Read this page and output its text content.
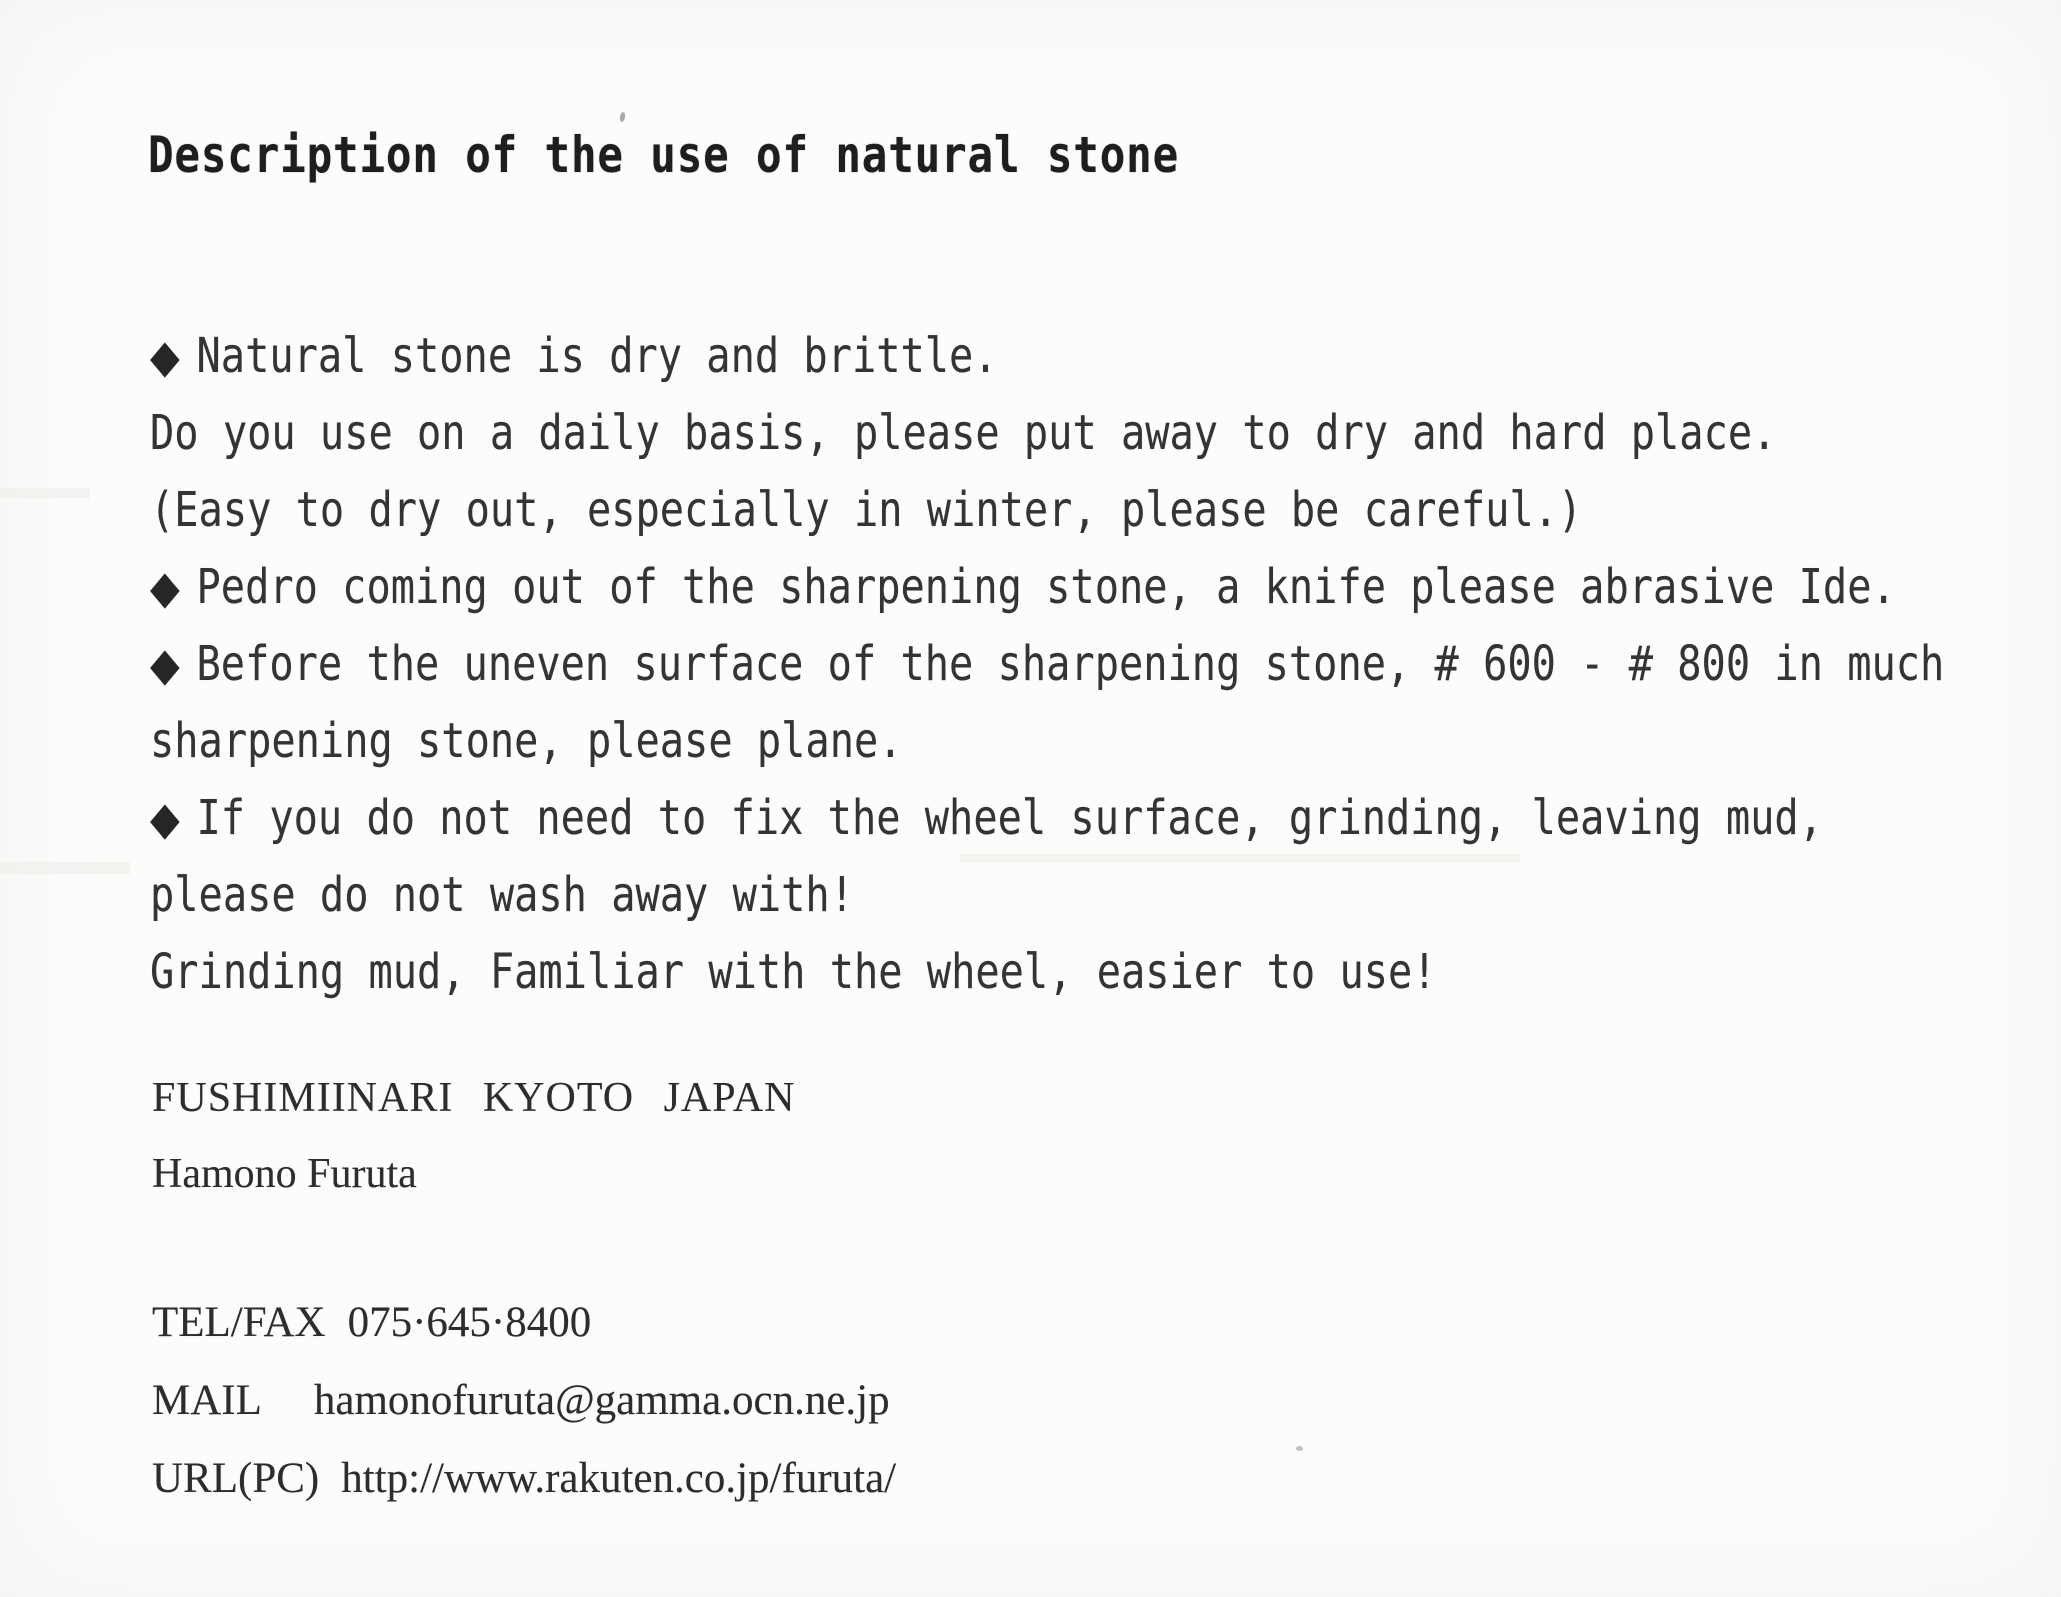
Description of the use of natural stone
◆ Natural stone is dry and brittle.
Do you use on a daily basis, please put away to dry and hard place.
(Easy to dry out, especially in winter, please be careful.)
◆ Pedro coming out of the sharpening stone, a knife please abrasive Ide.
◆ Before the uneven surface of the sharpening stone, # 600 - # 800 in much
sharpening stone, please plane.
◆ If you do not need to fix the wheel surface, grinding, leaving mud,
please do not wash away with!
Grinding mud, Familiar with the wheel, easier to use!
FUSHIMIINARI KYOTO JAPAN
Hamono Furuta
TEL/FAX 075·645·8400
MAIL hamonofuruta@gamma.ocn.ne.jp
URL(PC) http://www.rakuten.co.jp/furuta/
